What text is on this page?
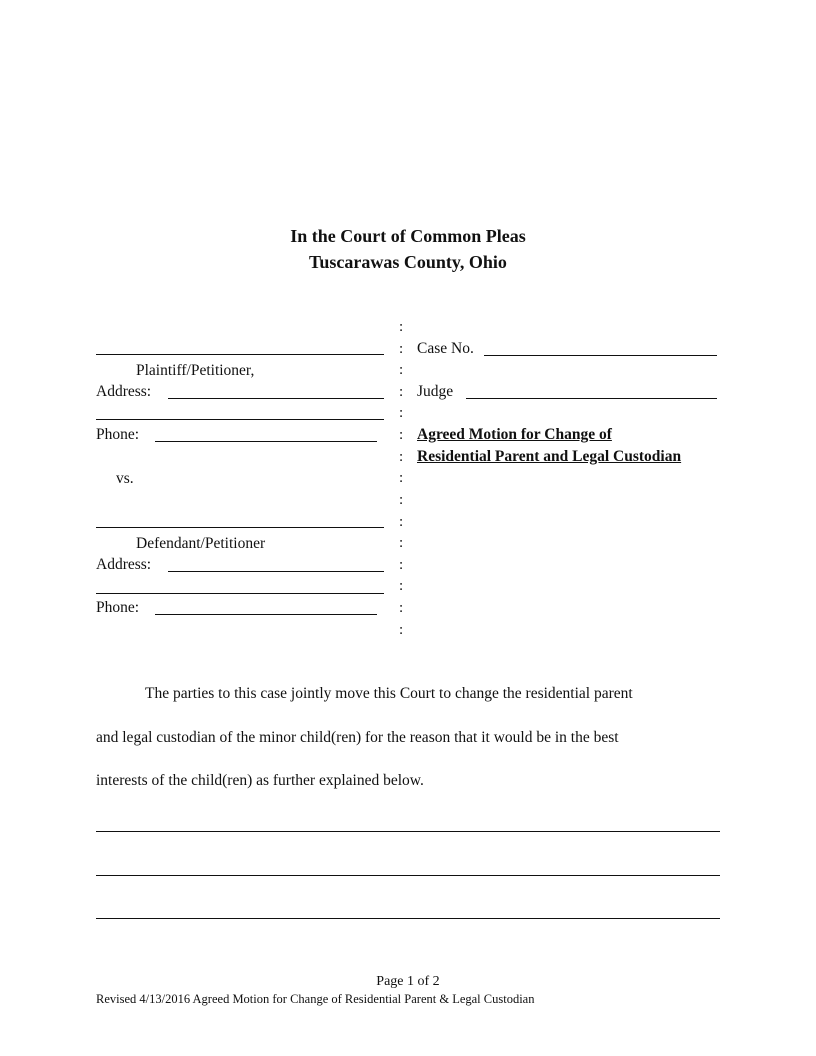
In the Court of Common Pleas
Tuscarawas County, Ohio
Plaintiff/Petitioner,
Address:
Phone:
vs.
Defendant/Petitioner
Address:
Phone:
:
:
:
:
:
:
:
:
:
:
:
:
:
:
:
Case No.
Judge
Agreed Motion for Change of
Residential Parent and Legal Custodian
The parties to this case jointly move this Court to change the residential parent
and legal custodian of the minor child(ren) for the reason that it would be in the best
interests of the child(ren) as further explained below.
Page 1 of 2
Revised 4/13/2016 Agreed Motion for Change of Residential Parent & Legal Custodian
